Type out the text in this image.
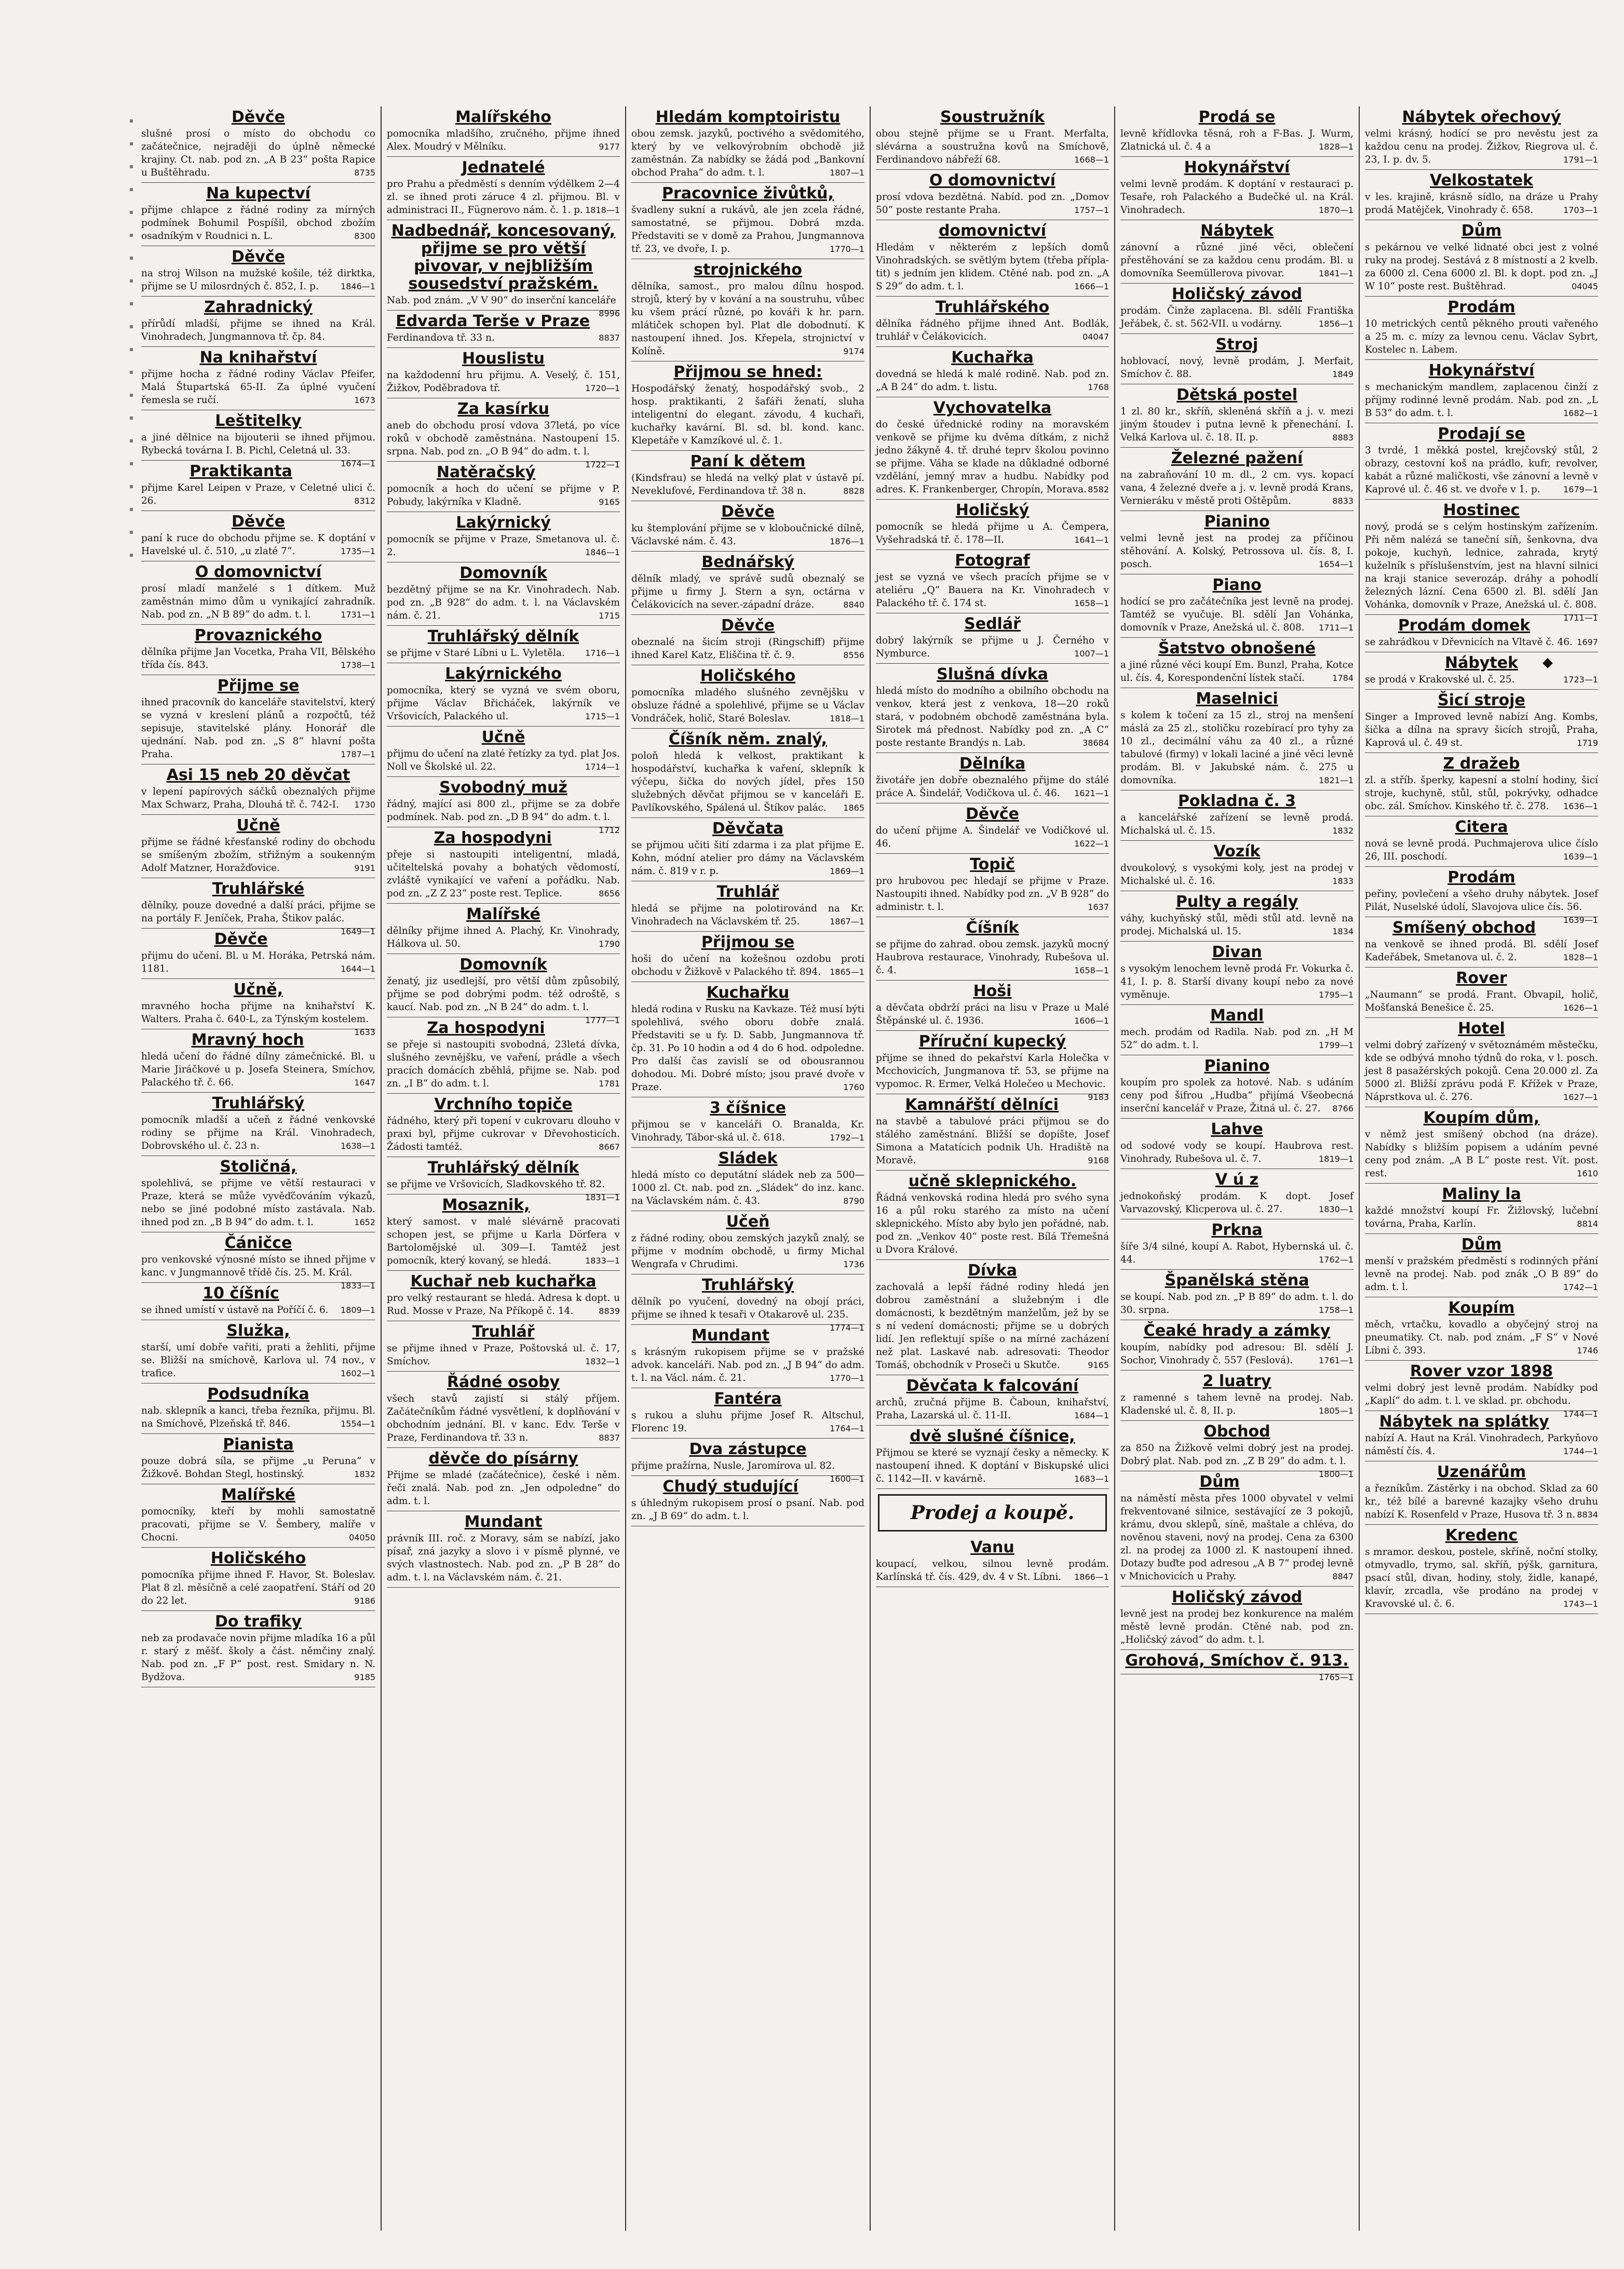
Děvče

slušné prosí o místo do obchodu co začátečnice, nejraději do úplně německé krajiny. Ct. nab. pod zn. „A B 23“ pošta Rapice u Buštěhradu.	8735

Na kupectví

přijme chlapce z řádné rodiny za mírných podmínek Bohumil Pospíšil, obchod zbožím osadníkým v Roudnici n. L.	8300

Děvče

na stroj Wilson na mužské košile, též dirktka, přijme se U milosrdných č. 852, I. p.	1846—1

Zahradnický

přírůdí mladší, přijme se ihned na Král. Vinohradech, Jungmannova tř. čp. 84.

Na knihařství

přijme hocha z řádné rodiny Václav Pfeifer, Malá Štupartská 65-II. Za úplné vyučení řemesla se ručí.	1673

Leštitelky

a jiné dělnice na bijouterii se ihned přijmou. Rybecká továrna I. B. Pichl, Celetná ul. 33.
1674—1

Praktikanta

přijme Karel Leipen v Praze, v Celetné ulici č. 26.	8312

Děvče

paní k ruce do obchodu přijme se. K doptání v Havelské ul. č. 510, „u zlaté 7“.	1735—1

O domovnictví

prosí mladí manželé s 1 dítkem. Muž zaměstnán mimo dům u vynikající zahradník. Nab. pod zn. „N B 89“ do adm. t. l.	1731—1

Provaznického

dělníka přijme Jan Vocetka, Praha VII, Bělského třída čís. 843.	1738—1

Přijme se

ihned pracovník do kanceláře stavitelství, který se vyzná v kreslení plánů a rozpočtů, též sepisuje, stavitelské plány. Honorář dle ujednání. Nab. pod zn. „S 8“ hlavní pošta Praha.	1787—1

Asi 15 neb 20 děvčat

v lepení papírových sáčků obeznalých přijme Max Schwarz, Praha, Dlouhá tř. č. 742-I. 1730

Učně

přijme se řádné křesťanské rodiny do obchodu se smíšeným zbožím, střižným a soukenným Adolf Matzner, Horažďovice.	9191

Truhlářské

dělníky, pouze dovedné a další práci, přijme se na portály F. Jeníček, Praha, Štikov palác.
1649—1

Děvče

přijmu do učení. Bl. u M. Horáka, Petrská nám. 1181.	1644—1

Učně,

mravného hocha přijme na knihařství K. Walters. Praha č. 640-L, za Týnským kostelem.
1633

Mravný hoch

hledá učení do řádné dílny zámečnické. Bl. u Marie Jiráčkové u p. Josefa Steinera, Smíchov, Palackého tř. č. 66.	1647

Truhlářský

pomocník mladší a učeň z řádné venkovské rodiny se přijme na Král. Vinohradech, Dobrovského ul. č. 23 n.	1638—1

Stoličná,

spolehlivá, se přijme ve větší restauraci v Praze, která se může vyvěďčováním výkazů, nebo se jiné podobné místo zastávala. Nab. ihned pod zn. „B B 94“ do adm. t. l.	1652

Čáničce

pro venkovské výnosné místo se ihned přijme v kanc. v Jungmannově třídě čís. 25. M. Král.
1833—1

10 číšníc

se ihned umístí v ústavě na Poříčí č. 6. 1809—1

Služka,

starší, umí dobře vařiti, prati a žehliti, přijme se. Bližší na smíchově, Karlova ul. 74 nov., v trafice.	1602—1

Podsudníka

nab. sklepník a kanci, třeba řezníka, přijmu. Bl. na Smíchově, Plzeňská tř. 846.	1554—1

Pianista

pouze dobrá síla, se přijme „u Peruna“ v Žižkově. Bohdan Stegl, hostinský.	1832

Malířské

pomocníky, kteří by mohli samostatně pracovati, přijme se V. Šembery, malíře v Chocni.	04050

Holičského

pomocníka přijme ihned F. Havor, St. Boleslav. Plat 8 zl. měsíčně a celé zaopatření. Stáří od 20 do 22 let.	9186

Do trafiky

neb za prodavače novin přijme mladíka 16 a půl r. starý z měšť. školy a část. němčiny znalý. Nab. pod zn. „F P“ post. rest. Smidary n. N. Bydžova.	9185

Malířského

pomocníka mladšího, zručného, přijme ihned Alex. Moudrý v Mělníku.	9177

Jednatelé

pro Prahu a předměstí s denním výdělkem 2—4 zl. se ihned proti záruce 4 zl. přijmou. Bl. v administraci II., Fügnerovo nám. č. 1. p. 1818—1

Nadbednář, koncesovaný, přijme se pro větší pivovar, v nejbližším sousedství pražském.

Nab. pod znám. „V V 90“ do inserční kanceláře
8996

Edvarda Terše v Praze

Ferdinandova tř. 33 n.	8837

Houslistu

na každodenní hru přijmu. A. Veselý, č. 151, Žižkov, Poděbradova tř.	1720—1

Za kasírku

aneb do obchodu prosí vdova 37letá, po více roků v obchodě zaměstnána. Nastoupení 15. srpna. Nab. pod zn. „O B 94“ do adm. t. l.
1722—1

Natěračský

pomocník a hoch do učení se přijme v P. Pobudy, lakýrníka v Kladně.	9165

Lakýrnický

pomocník se přijme v Praze, Smetanova ul. č. 2.	1846—1

Domovník

bezdětný přijme se na Kr. Vinohradech. Nab. pod zn. „B 928“ do adm. t. l. na Václavském nám. č. 21.	1715

Truhlářský dělník

se přijme v Staré Líbni u L. Vyletěla. 1716—1

Lakýrnického

pomocníka, který se vyzná ve svém oboru, přijme Václav Břicháček, lakýrník ve Vršovicích, Palackého ul.	1715—1

Učně

přijmu do učení na zlaté řetízky za tyd. plat Jos. Noll ve Školské ul. 22.	1714—1

Svobodný muž

řádný, mající asi 800 zl., přijme se za dobře podmínek. Nab. pod zn. „D B 94“ do adm. t. l.
1712

Za hospodyni

přeje si nastoupiti inteligentní, mladá, učiteltelská povahy a bohatých vědomostí, zvláště vynikající ve vaření a pořádku. Nab. pod zn. „Z Z 23“ poste rest. Teplice.	8656

Malířské

dělníky přijme ihned A. Plachý, Kr. Vinohrady, Hálkova ul. 50.	1790

Domovník

ženatý, jiz usedlejší, pro větší dům způsobilý, přijme se pod dobrými podm. též odroště, s kaucí. Nab. pod zn. „N B 24“ do adm. t. l.
1777—1

Za hospodyni

se přeje si nastoupiti svobodná, 23letá dívka, slušného zevnějšku, ve vaření, prádle a všech pracích domácích zběhlá, přijme se. Nab. pod zn. „I B“ do adm. t. l.	1781

Vrchního topiče

řádného, který při topení v cukrovaru dlouho v praxi byl, přijme cukrovar v Dřevohosticích. Žádosti tamtéž.	8667

Truhlářský dělník

se přijme ve Vršovicích, Sladkovského tř. 82.
1831—1

Mosaznik,

který samost. v malé slévárně pracovati schopen jest, se přijme u Karla Dörfera v Bartolomějské ul. 309—I. Tamtéž jest pomocník, který kovaný, se hledá.	1833—1

Kuchař neb kuchařka

pro velký restaurant se hledá. Adresa k dopt. u Rud. Mosse v Praze, Na Příkopě č. 14.	8839

Truhlář

se přijme ihned v Praze, Poštovská ul. č. 17, Smíchov.	1832—1

Řádné osoby

všech stavů zajistí si stálý příjem. Začátečníkům řádné vysvětlení, k doplňování v obchodním jednání. Bl. v kanc. Edv. Terše v Praze, Ferdinandova tř. 33 n.	8837

děvče do písárny

Přijme se mladé (začátečnice), české i něm. řeči znalá. Nab. pod zn. „Jen odpoledne“ do adm. t. l.

Mundant

právník III. roč. z Moravy, sám se nabízí, jako písař, zná jazyky a slovo i v písmě plynné, ve svých vlastnostech. Nab. pod zn. „P B 28“ do adm. t. l. na Václavském nám. č. 21.

Hledám komptoiristu

obou zemsk. jazyků, poctivého a svědomitého, který by ve velkovýrobním obchodě již zaměstnán. Za nabídky se žádá pod „Bankovní obchod Praha“ do adm. t. l.	1807—1

Pracovnice živůtků,

švadleny sukní a rukávů, ale jen zcela řádné, samostatné, se přijmou. Dobrá mzda. Představiti se v domě za Prahou, Jungmannova tř. 23, ve dvoře, I. p.	1770—1

strojnického

dělníka, samost., pro malou dílnu hospod. strojů, který by v kování a na soustruhu, vůbec ku všem prácí různé, po kováři k hr. parn. mlátiček schopen byl. Plat dle dobodnutí. K nastoupení ihned. Jos. Křepela, strojnictví v Kolíně.	9174

Přijmou se hned:

Hospodářský ženatý, hospodářský svob., 2 hosp. praktikanti, 2 šafáři ženatí, sluha inteligentní do elegant. závodu, 4 kuchaři, kuchařky kavární. Bl. sd. bl. kond. kanc. Klepetáře v Kamzíkové ul. č. 1.

Paní k dětem

(Kindsfrau) se hledá na velký plat v ústavě pí. Neveklufové, Ferdinandova tř. 38 n.	8828

Děvče

ku štemplování přijme se v kloboučnické dílně, Václavské nám. č. 43.	1876—1

Bednářský

dělník mladý, ve správě sudů obeznalý se přijme u firmy J. Stern a syn, octárna v Čelákovicích na sever.-západní dráze.	8840

Děvče

obeznalé na šicím stroji (Ringschiff) přijme ihned Karel Katz, Eliščina tř. č. 9.	8556

Holičského

pomocníka mladého slušného zevnějšku v obsluze řádné a spolehlivé, přijme se u Václav Vondráček, holič, Staré Boleslav.	1818—1

Číšník něm. znalý,

poloň hledá k velkost, praktikant k hospodářství, kuchařka k vaření, sklepník k výčepu, šička do nových jídel, přes 150 služebných děvčat přijmou se v kanceláři E. Pavlíkovského, Spálená ul. Štíkov palác. 1865

Děvčata

se přijmou učiti šití zdarma i za plat přijme E. Kohn, módní atelier pro dámy na Václavském nám. č. 819 v r. p.	1869—1

Truhlář

hledá se přijme na polotirovánd na Kr. Vinohradech na Václavském tř. 25.	1867—1

Přijmou se

hoši do učení na kožešnou ozdobu proti obchodu v Žižkově v Palackého tř. 894. 1865—1

Kuchařku

hledá rodina v Rusku na Kavkaze. Též musí býti spolehlivá, svého oboru dobře znalá. Představiti se u fy. D. Sabb, Jungmannova tř. čp. 31. Po 10 hodin a od 4 do 6 hod. odpoledne. Pro další čas zavislí se od obousrannou dohodou. Mi. Dobré místo; jsou pravé dvoře v Praze.	1760

3 číšnice

přijmou se v kanceláři O. Branalda, Kr. Vinohrady, Tábor-ská ul. č. 618.	1792—1

Sládek

hledá místo co deputátní sládek neb za 500—1000 zl. Ct. nab. pod zn. „Sládek“ do inz. kanc. na Václavském nám. č. 43.	8790

Učeň

z řádné rodiny, obou zemských jazyků znalý, se přijme v modním obchodě, u firmy Michal Wengrafa v Chrudimi.	1736

Truhlářský

dělník po vyučení, dovedný na obojí práci, přijme se ihned k tesaři v Otakarově ul. 235.
1774—1

Mundant

s krásným rukopisem přijme se v pražské advok. kanceláři. Nab. pod zn. „J B 94“ do adm. t. l. na Václ. nám. č. 21.	1770—1

Fantéra

s rukou a sluhu přijme Josef R. Altschul, Florenc 19.	1764—1

Dva zástupce

přijme pražírna, Nusle, Jaromírova ul. 82.
1600—1

Chudý studující

s úhledným rukopisem prosí o psaní. Nab. pod zn. „J B 69“ do adm. t. l.

Soustružník

obou stejně přijme se u Frant. Merfalta, slévárna a soustružna kovů na Smíchově, Ferdinandovo nábřeží 68.	1668—1

O domovnictví

prosí vdova bezdětná. Nabíd. pod zn. „Domov 50“ poste restante Praha.	1757—1

domovnictví

Hledám v některém z lepších domů Vinohradských. se světlým bytem (třeba přípla-tit) s jedním jen klidem. Ctěné nab. pod zn. „A S 29“ do adm. t. l.	1666—1

Truhlářského

dělníka řádného přijme ihned Ant. Bodlák, truhlář v Čelákovicích.	04047

Kuchařka

dovedná se hledá k malé rodině. Nab. pod zn. „A B 24“ do adm. t. listu.	1768

Vychovatelka

do české úřednické rodiny na moravském venkově se přijme ku dvěma dítkám, z nichž jedno žákyně 4. tř. druhé teprv školou povinno se přijme. Váha se klade na důkladné odborné vzdělání, jemný mrav a hudbu. Nabídky pod adres. K. Frankenberger, Chropín, Morava. 8582

Holičský

pomocník se hledá přijme u A. Čempera, Vyšehradská tř. č. 178—II.	1641—1

Fotograf

jest se vyzná ve všech pracích přijme se v ateliéru „Q“ Bauera na Kr. Vinohradech v Palackého tř. č. 174 st.	1658—1

Sedlář

dobrý lakýrník se přijme u J. Černého v Nymburce.	1007—1

Slušná dívka

hledá místo do modního a obilního obchodu na venkov, která jest z venkova, 18—20 roků stará, v podobném obchodě zaměstnána byla. Sirotek má přednost. Nabídky pod zn. „A C“ poste restante Brandýs n. Lab.	38684

Dělníka

životáře jen dobře obeznalého přijme do stálé práce A. Šindelář, Vodičkova ul. č. 46. 1621—1

Děvče

do učení přijme A. Šindelář ve Vodičkové ul. 46.	1622—1

Topič

pro hrubovou pec hledají se přijme v Praze. Nastoupiti ihned. Nabídky pod zn. „V B 928“ do administr. t. l.	1637

Číšník

se přijme do zahrad. obou zemsk. jazyků mocný Haubrova restaurace, Vinohrady, Rubešova ul. č. 4.	1658—1

Hoši

a děvčata obdrží práci na lisu v Praze u Malé Štěpánské ul. č. 1936.	1606—1

Příruční kupecký

přijme se ihned do pekařství Karla Holečka v Mcchovicích, Jungmanova tř. 53, se přijme na vypomoc. R. Ermer, Velká Holečeo u Mechovic.
9183

Kamnářští dělníci

na stavbě a tabulové práci přijmou se do stálého zaměstnání. Bližší se dopíšte, Josef Simona a Matatícich podnik Uh. Hradiště na Moravě.	9168

učně sklepnického.

Řádná venkovská rodina hledá pro svého syna 16 a půl roku starého za místo na učení sklepnického. Místo aby bylo jen pořádné, nab. pod zn. „Venkov 40“ poste rest. Bílá Třemešná u Dvora Králové.

Dívka

zachovalá a lepší řádné rodiny hledá jen dobrou zaměstnání a služebným i dle domácnosti, k bezdětným manželům, jež by se s ní vedení domácnosti; přijme se u dobrých lidí. Jen reflektují spíše o na mírné zacházení než plat. Laskavé nab. adresovati: Theodor Tomáš, obchodník v Proseči u Skutče.	9165

Děvčata k falcování

archů, zručná přijme B. Čaboun, knihařství, Praha, Lazarská ul. č. 11-II.	1684—1

dvě slušné číšnice,

Přijmou se které se vyznají česky a německy. K nastoupení ihned. K doptání v Biskupské ulici č. 1142—II. v kavárně.	1683—1

Prodej a koupě.
Vanu

koupací, velkou, silnou levně prodám. Karlínská tř. čís. 429, dv. 4 v St. Líbni. 1866—1

Prodá se

levně křídlovka těsná, roh a F-Bas. J. Wurm, Zlatnická ul. č. 4 a	1828—1

Hokynářství

velmi levně prodám. K doptání v restauraci p. Tesaře, roh Palackého a Budečké ul. na Král. Vinohradech.	1870—1

Nábytek

zánovní a různé jiné věci, oblečení přestěhování se za každou cenu prodám. Bl. u domovníka Seemüllerova pivovar.	1841—1

Holičský závod

prodám. Činže zaplacena. Bl. sdělí Františka Jeřábek, č. st. 562-VII. u vodárny.	1856—1

Stroj

hoblovací, nový, levně prodám, J. Merfait, Smíchov č. 88.	1849

Dětská postel

1 zl. 80 kr., skříň, skleněná skříň a j. v. mezi jiným štoudev i putna levně k přenechání. I. Velká Karlova ul. č. 18. II. p.	8883

Železné pažení

na zabraňování 10 m. dl., 2 cm. vys. kopací vana, 4 železné dveře a j. v. levně prodá Krans, Vernieráku v městě proti Oštěpům.	8833

Pianino

velmi levně jest na prodej za příčinou stěhování. A. Kolský, Petrossova ul. čís. 8, I. posch.	1654—1

Piano

hodící se pro začátečníka jest levně na prodej. Tamtéž se vyučuje. Bl. sdělí Jan Vohánka, domovník v Praze, Anežská ul. č. 808. 1711—1

Šatstvo obnošené

a jiné různé věci koupí Em. Bunzl, Praha, Kotce ul. čís. 4, Korespondenční lístek stačí.	1784

Maselnici

s kolem k točení za 15 zl., stroj na menšení máslá za 25 zl., stoličku rozebírací pro tyhy za 10 zl., decimální váhu za 40 zl., a různé tabulové (firmy) v lokali laciné a jiné věci levně prodám. Bl. v Jakubské nám. č. 275 u domovníka.	1821—1

Pokladna č. 3

a kancelářské zařízení se levně prodá. Michalská ul. č. 15.	1832

Vozík

dvoukolový, s vysokými koly, jest na prodej v Michalské ul. č. 16.	1833

Pulty a regály

váhy, kuchyňský stůl, mědi stůl atd. levně na prodej. Michalská ul. 15.	1834

Divan

s vysokým lenochem levně prodá Fr. Vokurka č. 41, I. p. 8. Starší divany koupí nebo za nové vyměnuje.	1795—1

Mandl

mech. prodám od Radila. Nab. pod zn. „H M 52“ do adm. t. l.	1799—1

Pianino

koupím pro spolek za hotové. Nab. s udáním ceny pod šifrou „Hudba“ přijímá Všeobecná inserční kancelář v Praze, Žitná ul. č. 27. 8766

Lahve

od sodové vody se koupí. Haubrova rest. Vinohrady, Rubešova ul. č. 7.	1819—1

V ú z

jednokoňský prodám. K dopt. Josef Varvazovský, Klicperova ul. č. 27.	1830—1

Prkna

šíře 3/4 silné, koupí A. Rabot, Hybernská ul. č. 44.	1762—1

Španělská stěna

se koupí. Nab. pod zn. „P B 89“ do adm. t. l. do 30. srpna.	1758—1

Čeaké hrady a zámky

koupím, nabídky pod adresou: Bl. sdělí J. Sochor, Vinohrady č. 557 (Feslová).	1761—1

2 luatry

z ramenné s tahem levně na prodej. Nab. Kladenské ul. č. 8, II. p.	1805—1

Obchod

za 850 na Žižkově velmi dobrý jest na prodej. Dobrý plat. Nab. pod zn. „Z B 29“ do adm. t. l.
1800—1

Dům

na náměstí města přes 1000 obyvatel v velmi frekventované silnice, sestávající ze 3 pokojů, krámu, dvou sklepů, síně, maštale a chléva, do nověnou staveni, nový na prodej. Cena za 6300 zl. na prodej za 1000 zl. K nastoupení ihned. Dotazy buďte pod adresou „A B 7“ prodej levně v Mnichovicích u Prahy.	8847

Holičský závod

levně jest na prodej bez konkurence na malém městě levně prodán. Ctěné nab. pod zn. „Holičský závod“ do adm. t. l.

Grohová, Smíchov č. 913.

1765—1

Nábytek ořechový

velmi krásný, hodící se pro nevěstu jest za každou cenu na prodej. Žižkov, Riegrova ul. č. 23, I. p. dv. 5.	1791—1

Velkostatek

v les. krajině, krásně sídlo, na dráze u Prahy prodá Matějček, Vinohrady č. 658.	1703—1

Dům

s pekárnou ve velké lidnaté obci jest z volné ruky na prodej. Sestává z 8 místností a 2 kvelb. za 6000 zl. Cena 6000 zl. Bl. k dopt. pod zn. „J W 10“ poste rest. Buštěhrad.	04045

Prodám

10 metrických centů pěkného prouti vařeného a 25 m. c. mízy za levnou cenu. Václav Sybrt, Kostelec n. Labem.

Hokynářství

s mechanickým mandlem, zaplacenou činží z příjmy rodinné levně prodám. Nab. pod zn. „L B 53“ do adm. t. l.	1682—1

Prodají se

3 tvrdé, 1 měkká postel, krejčovský stůl, 2 obrazy, cestovní koš na prádlo, kufr, revolver, kabát a různé maličkosti, vše zánovní a levně v Kaprové ul. č. 46 st. ve dvoře v 1. p.	1679—1

Hostinec

nový, prodá se s celým hostinským zařízením. Při něm nalézá se taneční síň, šenkovna, dva pokoje, kuchyň, lednice, zahrada, krytý kuželník s příslušenstvím, jest na hlavní silnici na kraji stanice severozáp. dráhy a pohodlí železných lázní. Cena 6500 zl. Bl. sdělí Jan Vohánka, domovník v Praze, Anežská ul. č. 808.
1711—1

Prodám domek

se zahrádkou v Dřevnicích na Vltavě č. 46. 1697

Nábytek

se prodá v Krakovské ul. č. 25.	1723—1

Šicí stroje

Singer a Improved levně nabízí Ang. Kombs, šička a dílna na spravy šicích strojů, Praha, Kaprová ul. č. 49 st.	1719

Z dražeb

zl. a stříb. šperky, kapesní a stolní hodiny, šicí stroje, kuchyně, stůl, stůl, pokrývky, odhadce obc. zál. Smíchov. Kinského tř. č. 278. 1636—1

Citera

nová se levně prodá. Puchmajerova ulice číslo 26, III. poschodí.	1639—1

Prodám

peřiny, povlečení a všeho druhy nábytek. Josef Pilát, Nuselské údolí, Slavojova ulice čís. 56.
1639—1

Smíšený obchod

na venkově se ihned prodá. Bl. sdělí Josef Kadeřábek, Smetanova ul. č. 2.	1828—1

Rover

„Naumann“ se prodá. Frant. Obvapil, holič, Mošťanská Benešice č. 25.	1626—1

Hotel

velmi dobrý zařízený v světoznámém městečku, kde se odbývá mnoho týdnů do roka, v l. posch. jest 8 pasažérských pokojů. Cena 20.000 zl. Za 5000 zl. Bližší zprávu podá F. Křížek v Praze, Náprstkova ul. č. 276.	1627—1

Koupím dům,

v němž jest smíšený obchod (na dráze). Nabídky s bližším popisem a udáním pevné ceny pod znám. „A B L“ poste rest. Vít. post. rest.	1610

Maliny la

každé množství koupí Fr. Žižlovský, lučební továrna, Praha, Karlín.	8814

Dům

menší v pražském předměstí s rodinných přání levně na prodej. Nab. pod znák „O B 89“ do adm. t. l.	1742—1

Koupím

měch, vrtačku, kovadlo a obyčejný stroj na pneumatiky. Ct. nab. pod znám. „F S“ v Nové Líbni č. 393.	1746

Rover vzor 1898

velmi dobrý jest levně prodám. Nabídky pod „Kaplí“ do adm. t. l. ve sklad. pr. obchodu.
1744—1

Nábytek na splátky

nabízí A. Haut na Král. Vinohradech, Parkyňovo náměstí čís. 4.	1744—1

Uzenářům

a řezníkům. Zástěrky i na obchod. Sklad za 60 kr., též bílé a barevné kazajky všeho druhu nabízí K. Rosenfeld v Praze, Husova tř. 3 n. 8834

Kredenc

s mramor. deskou, postele, skříně, noční stolky, otmyvadlo, trymo, sal. skříň, pýšk, garnitura, psací stůl, divan, hodiny, stoly, židle, kanapé, klavír, zrcadla, vše prodáno na prodej v Kravovské ul. č. 6.	1743—1
